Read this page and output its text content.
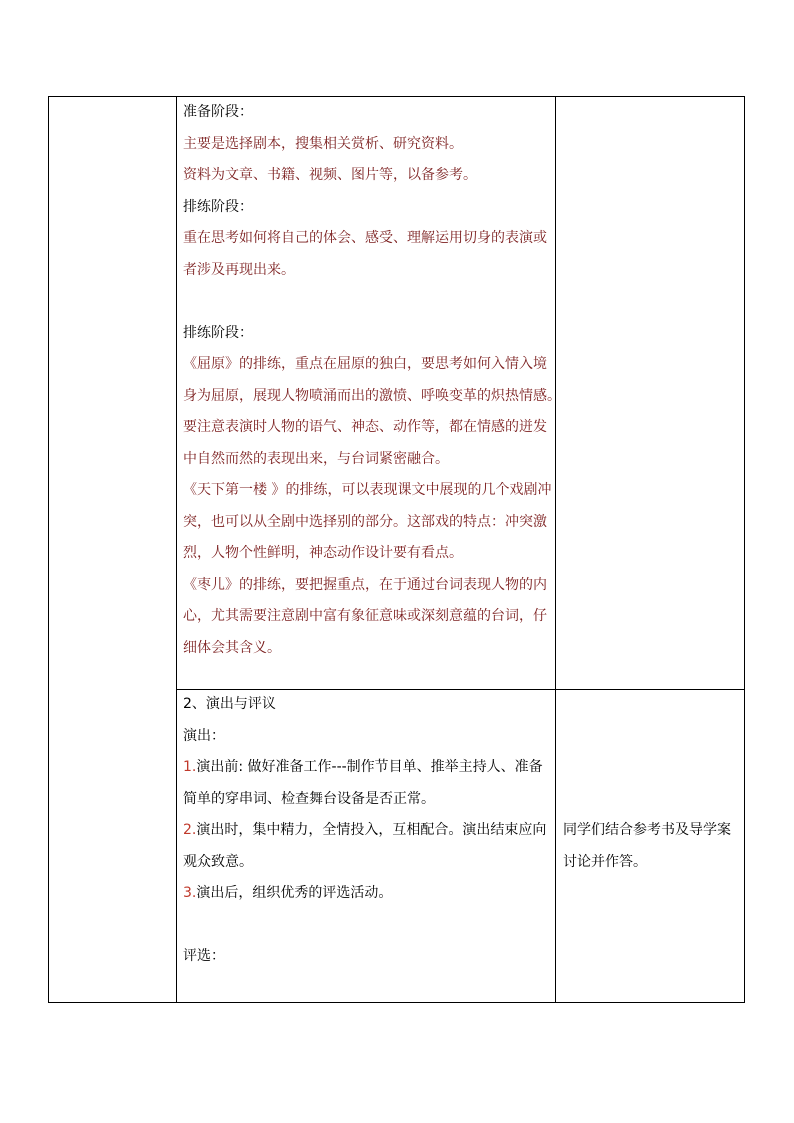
准备阶段：
主要是选择剧本，搜集相关赏析、研究资料。
资料为文章、书籍、视频、图片等，以备参考。
排练阶段：
重在思考如何将自己的体会、感受、理解运用切身的表演或
者涉及再现出来。
排练阶段：
《屈原》的排练，重点在屈原的独白，要思考如何入情入境
身为屈原，展现人物喷涌而出的激愤、呼唤变革的炽热情感。
要注意表演时人物的语气、神态、动作等，都在情感的迸发
中自然而然的表现出来，与台词紧密融合。
《天下第一楼 》的排练，可以表现课文中展现的几个戏剧冲
突，也可以从全剧中选择别的部分。这部戏的特点：冲突激
烈，人物个性鲜明，神态动作设计要有看点。
《枣儿》的排练，要把握重点，在于通过台词表现人物的内
心，尤其需要注意剧中富有象征意味或深刻意蕴的台词，仔
细体会其含义。
2、演出与评议
演出：
1.演出前: 做好准备工作---制作节目单、推举主持人、准备
简单的穿串词、检查舞台设备是否正常。
2.演出时，集中精力，全情投入，互相配合。演出结束应向
观众致意。
3.演出后，组织优秀的评选活动。
评选：
同学们结合参考书及导学案
讨论并作答。
